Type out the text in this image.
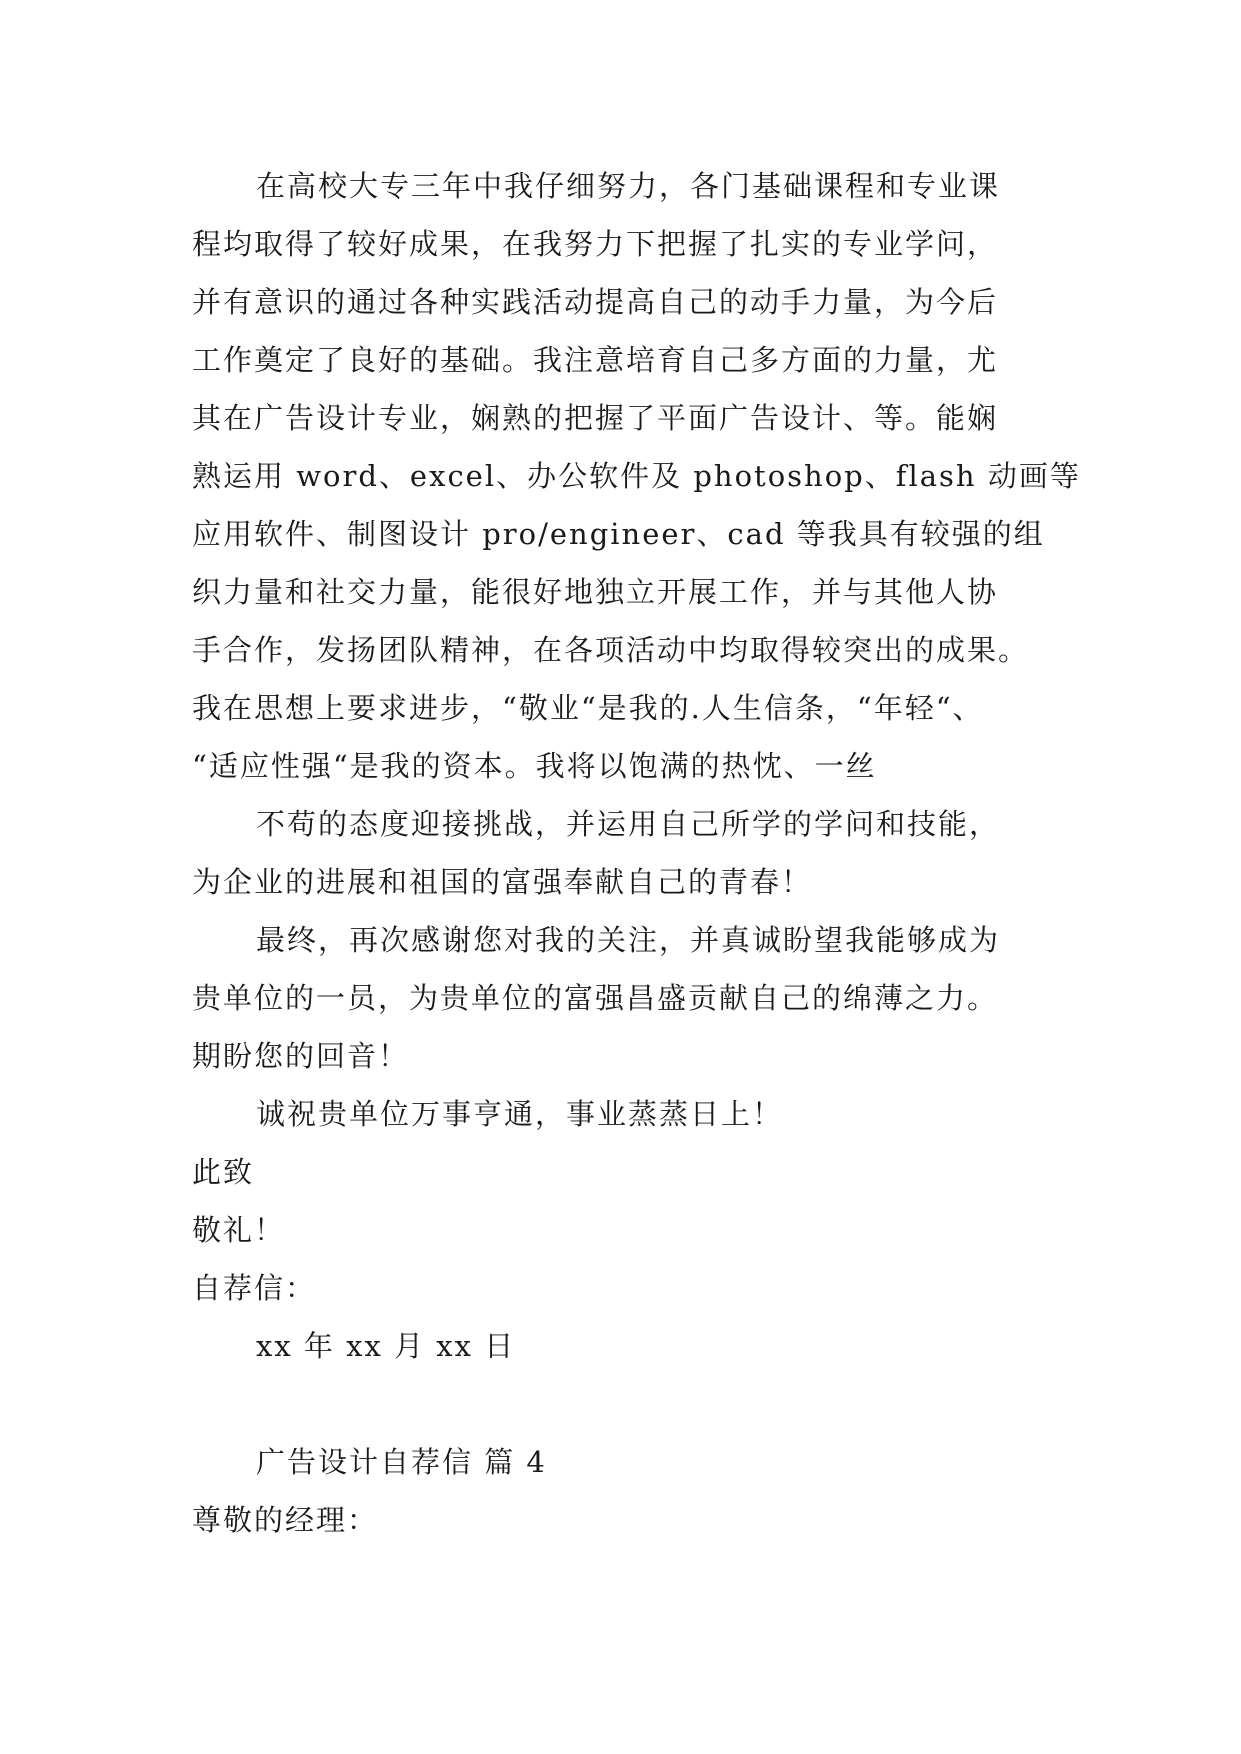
在高校大专三年中我仔细努力，各门基础课程和专业课
程均取得了较好成果，在我努力下把握了扎实的专业学问，
并有意识的通过各种实践活动提高自己的动手力量，为今后
工作奠定了良好的基础。我注意培育自己多方面的力量，尤
其在广告设计专业，娴熟的把握了平面广告设计、等。能娴
熟运用 word、excel、办公软件及 photoshop、flash 动画等
应用软件、制图设计 pro/engineer、cad 等我具有较强的组
织力量和社交力量，能很好地独立开展工作，并与其他人协
手合作，发扬团队精神，在各项活动中均取得较突出的成果。
我在思想上要求进步，“敬业“是我的.人生信条，“年轻“、
“适应性强“是我的资本。我将以饱满的热忱、一丝
不苟的态度迎接挑战，并运用自己所学的学问和技能，
为企业的进展和祖国的富强奉献自己的青春！
最终，再次感谢您对我的关注，并真诚盼望我能够成为
贵单位的一员，为贵单位的富强昌盛贡献自己的绵薄之力。
期盼您的回音！
诚祝贵单位万事亨通，事业蒸蒸日上！
此致
敬礼！
自荐信：
xx 年 xx 月 xx 日
广告设计自荐信 篇 4
尊敬的经理：
